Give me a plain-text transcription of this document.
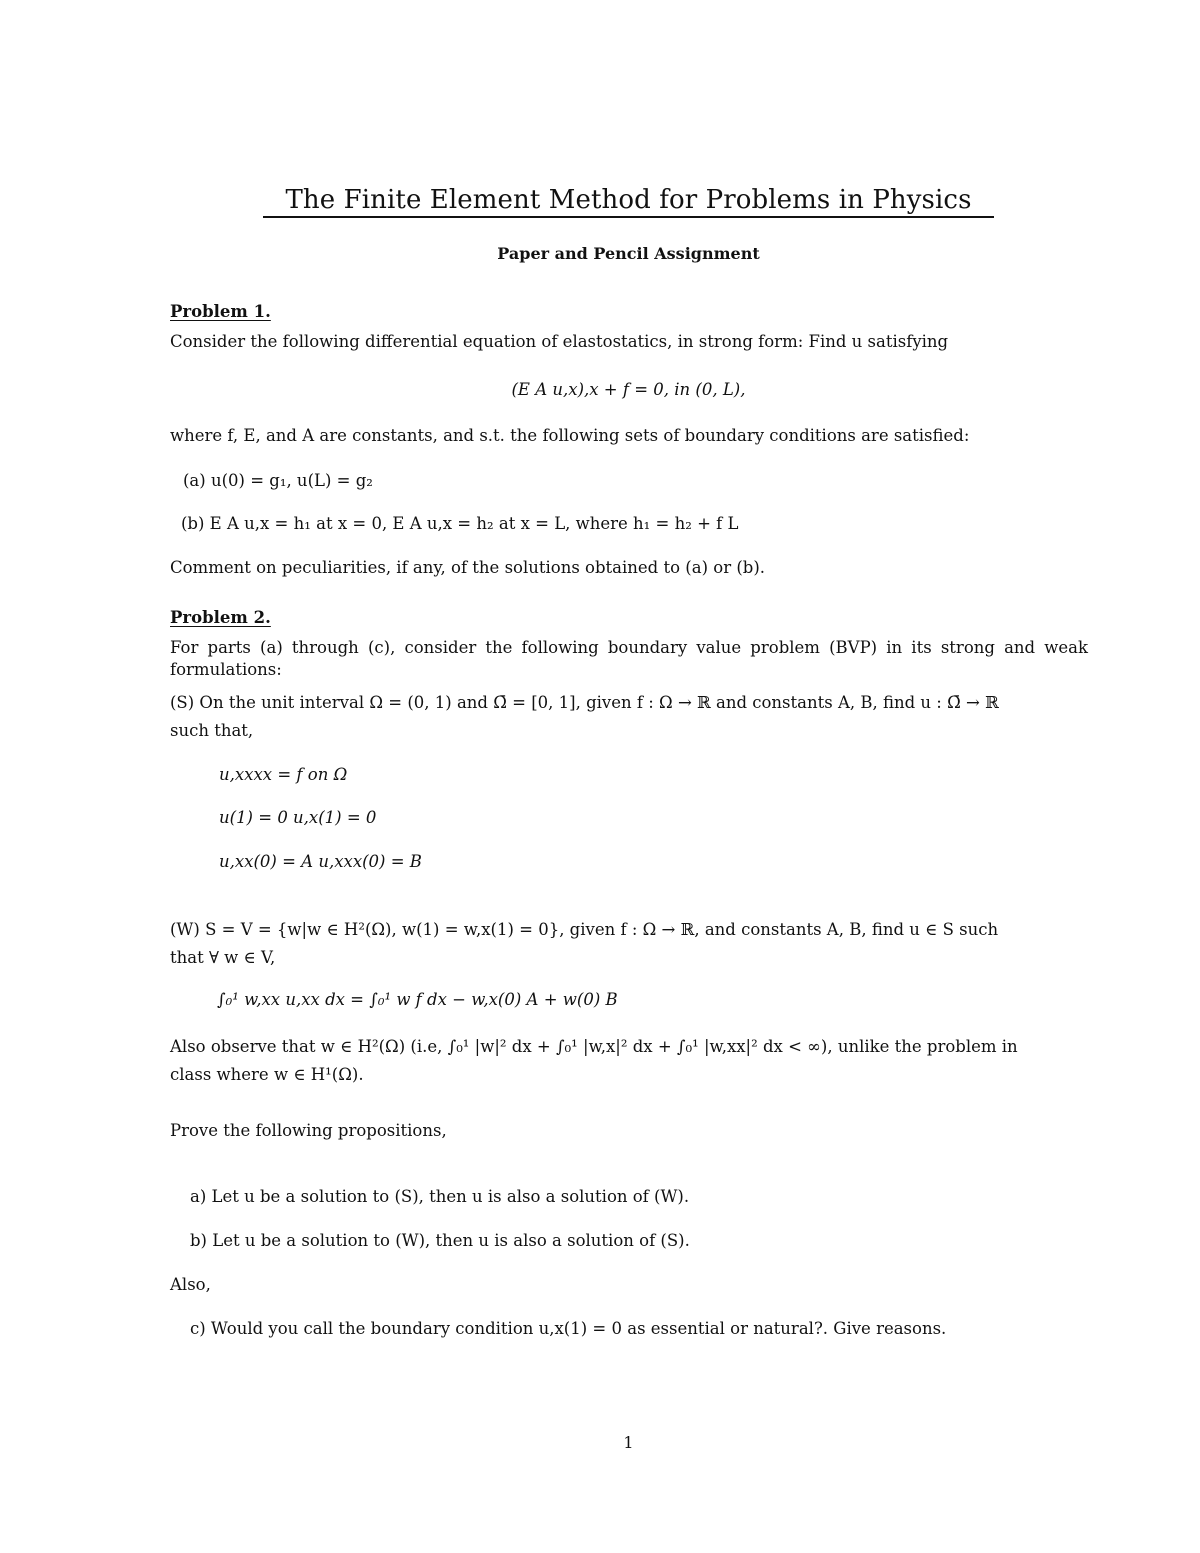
The Finite Element Method for Problems in Physics
Paper and Pencil Assignment
Problem 1.
Consider the following differential equation of elastostatics, in strong form: Find u satisfying
(E A u,x),x + f = 0, in (0, L),
where f, E, and A are constants, and s.t. the following sets of boundary conditions are satisfied:
(a) u(0) = g₁, u(L) = g₂
(b) E A u,x = h₁ at x = 0, E A u,x = h₂ at x = L, where h₁ = h₂ + f L
Comment on peculiarities, if any, of the solutions obtained to (a) or (b).
Problem 2.
For parts (a) through (c), consider the following boundary value problem (BVP) in its strong and weak formulations:
(S) On the unit interval Ω = (0, 1) and Ω̄ = [0, 1], given f : Ω → ℝ and constants A, B, find u : Ω̄ → ℝ
such that,
u,xxxx = f on Ω
u(1) = 0 u,x(1) = 0
u,xx(0) = A u,xxx(0) = B
(W) S = V = {w|w ∈ H²(Ω), w(1) = w,x(1) = 0}, given f : Ω → ℝ, and constants A, B, find u ∈ S such
that ∀ w ∈ V,
∫₀¹ w,xx u,xx dx = ∫₀¹ w f dx − w,x(0) A + w(0) B
Also observe that w ∈ H²(Ω) (i.e, ∫₀¹ |w|² dx + ∫₀¹ |w,x|² dx + ∫₀¹ |w,xx|² dx < ∞), unlike the problem in
class where w ∈ H¹(Ω).
Prove the following propositions,
a) Let u be a solution to (S), then u is also a solution of (W).
b) Let u be a solution to (W), then u is also a solution of (S).
Also,
c) Would you call the boundary condition u,x(1) = 0 as essential or natural?. Give reasons.
1
